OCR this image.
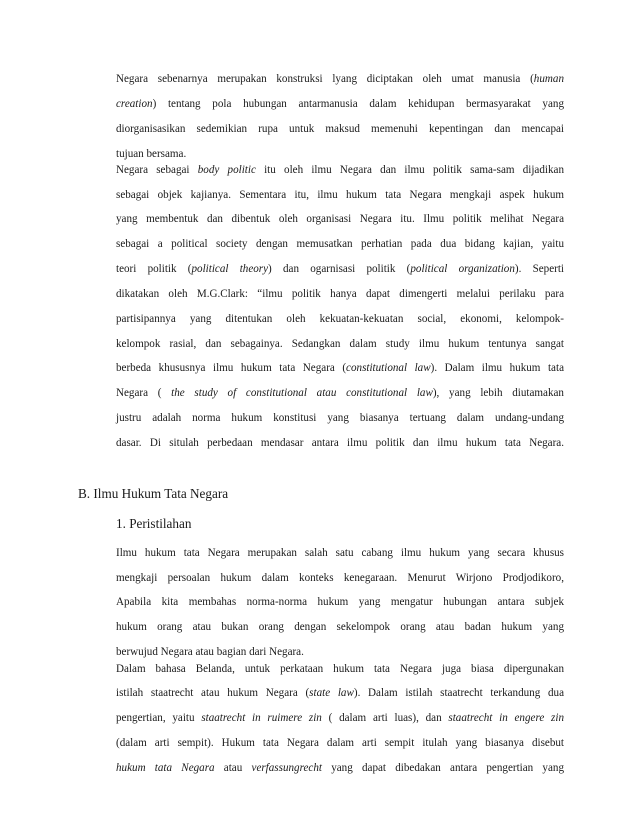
Negara sebenarnya merupakan konstruksi lyang diciptakan oleh umat manusia (human
creation) tentang pola hubungan antarmanusia dalam kehidupan bermasyarakat yang
diorganisasikan sedemikian rupa untuk maksud memenuhi kepentingan dan mencapai
tujuan bersama.
Negara sebagai body politic itu oleh ilmu Negara dan ilmu politik sama-sam dijadikan
sebagai objek kajianya. Sementara itu, ilmu hukum tata Negara mengkaji aspek hukum
yang membentuk dan dibentuk oleh organisasi Negara itu. Ilmu politik melihat Negara
sebagai a political society dengan memusatkan perhatian pada dua bidang kajian, yaitu
teori politik (political theory) dan ogarnisasi politik (political organization). Seperti
dikatakan oleh M.G.Clark: “ilmu politik hanya dapat dimengerti melalui perilaku para
partisipannya yang ditentukan oleh kekuatan-kekuatan social, ekonomi, kelompok-
kelompok rasial, dan sebagainya. Sedangkan dalam study ilmu hukum tentunya sangat
berbeda khususnya ilmu hukum tata Negara (constitutional law). Dalam ilmu hukum tata
Negara ( the study of constitutional atau constitutional law), yang lebih diutamakan
justru adalah norma hukum konstitusi yang biasanya tertuang dalam undang-undang
dasar. Di situlah perbedaan mendasar antara ilmu politik dan ilmu hukum tata Negara.
B. Ilmu Hukum Tata Negara
1. Peristilahan
Ilmu hukum tata Negara merupakan salah satu cabang ilmu hukum yang secara khusus
mengkaji persoalan hukum dalam konteks kenegaraan. Menurut Wirjono Prodjodikoro,
Apabila kita membahas norma-norma hukum yang mengatur hubungan antara subjek
hukum orang atau bukan orang dengan sekelompok orang atau badan hukum yang
berwujud Negara atau bagian dari Negara.
Dalam bahasa Belanda, untuk perkataan hukum tata Negara juga biasa dipergunakan
istilah staatrecht atau hukum Negara (state law). Dalam istilah staatrecht terkandung dua
pengertian, yaitu staatrecht in ruimere zin ( dalam arti luas), dan staatrecht in engere zin
(dalam arti sempit). Hukum tata Negara dalam arti sempit itulah yang biasanya disebut
hukum tata Negara atau verfassungrecht yang dapat dibedakan antara pengertian yang
